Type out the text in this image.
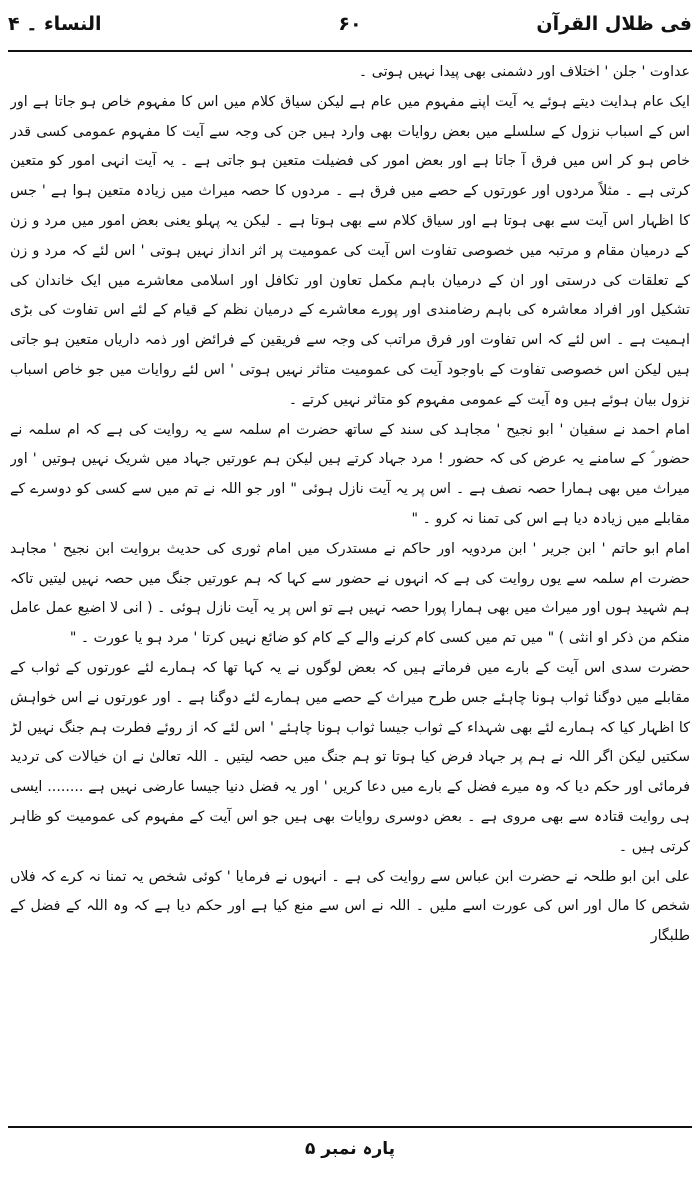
النساء ۔ ۴	۶۰	فی ظلال القرآن

عداوت ' جلن ' اختلاف اور دشمنی بھی پیدا نہیں ہوتی ۔

ایک عام ہدایت دیتے ہوئے یہ آیت اپنے مفہوم میں عام ہے لیکن سیاق کلام میں اس کا مفہوم خاص ہو جاتا ہے اور اس کے اسباب نزول کے سلسلے میں بعض روایات بھی وارد ہیں جن کی وجہ سے آیت کا مفہوم عمومی کسی قدر خاص ہو کر اس میں فرق آ جاتا ہے اور بعض امور کی فضیلت متعین ہو جاتی ہے ۔ یہ آیت انہی امور کو متعین کرتی ہے ۔ مثلاً مردوں اور عورتوں کے حصے میں فرق ہے ۔ مردوں کا حصہ میراث میں زیادہ متعین ہوا ہے ' جس کا اظہار اس آیت سے بھی ہوتا ہے اور سیاق کلام سے بھی ہوتا ہے ۔ لیکن یہ پہلو یعنی بعض امور میں مرد و زن کے درمیان مقام و مرتبہ میں خصوصی تفاوت اس آیت کی عمومیت پر اثر انداز نہیں ہوتی ' اس لئے کہ مرد و زن کے تعلقات کی درستی اور ان کے درمیان باہم مکمل تعاون اور تکافل اور اسلامی معاشرے میں ایک خاندان کی تشکیل اور افراد معاشرہ کی باہم رضامندی اور پورے معاشرے کے درمیان نظم کے قیام کے لئے اس تفاوت کی بڑی اہمیت ہے ۔ اس لئے کہ اس تفاوت اور فرق مراتب کی وجہ سے فریقین کے فرائض اور ذمہ داریاں متعین ہو جاتی ہیں لیکن اس خصوصی تفاوت کے باوجود آیت کی عمومیت متاثر نہیں ہوتی ' اس لئے روایات میں جو خاص اسباب نزول بیان ہوئے ہیں وہ آیت کے عمومی مفہوم کو متاثر نہیں کرتے ۔

امام احمد نے سفیان ' ابو نجیح ' مجاہد کی سند کے ساتھ حضرت ام سلمہ سے یہ روایت کی ہے کہ ام سلمہ نے حضور ؐ کے سامنے یہ عرض کی کہ حضور ! مرد جہاد کرتے ہیں لیکن ہم عورتیں جہاد میں شریک نہیں ہوتیں ' اور میراث میں بھی ہمارا حصہ نصف ہے ۔ اس پر یہ آیت نازل ہوئی " اور جو اللہ نے تم میں سے کسی کو دوسرے کے مقابلے میں زیادہ دیا ہے اس کی تمنا نہ کرو ۔ "

امام ابو حاتم ' ابن جریر ' ابن مردویہ اور حاکم نے مستدرک میں امام ثوری کی حدیث بروایت ابن نجیح ' مجاہد حضرت ام سلمہ سے یوں روایت کی ہے کہ انہوں نے حضور سے کہا کہ ہم عورتیں جنگ میں حصہ نہیں لیتیں تاکہ ہم شہید ہوں اور میراث میں بھی ہمارا پورا حصہ نہیں ہے تو اس پر یہ آیت نازل ہوئی ۔ ( انی لا اضیع عمل عامل منکم من ذکر او انثی ) " میں تم میں کسی کام کرنے والے کے کام کو ضائع نہیں کرتا ' مرد ہو یا عورت ۔ "

حضرت سدی اس آیت کے بارے میں فرماتے ہیں کہ بعض لوگوں نے یہ کہا تھا کہ ہمارے لئے عورتوں کے ثواب کے مقابلے میں دوگنا ثواب ہونا چاہئے جس طرح میراث کے حصے میں ہمارے لئے دوگنا ہے ۔ اور عورتوں نے اس خواہش کا اظہار کیا کہ ہمارے لئے بھی شہداء کے ثواب جیسا ثواب ہونا چاہئے ' اس لئے کہ از روئے فطرت ہم جنگ نہیں لڑ سکتیں لیکن اگر اللہ نے ہم پر جہاد فرض کیا ہوتا تو ہم جنگ میں حصہ لیتیں ۔ اللہ تعالیٰ نے ان خیالات کی تردید فرمائی اور حکم دیا کہ وہ میرے فضل کے بارے میں دعا کریں ' اور یہ فضل دنیا جیسا عارضی نہیں ہے ........ ایسی ہی روایت قتادہ سے بھی مروی ہے ۔ بعض دوسری روایات بھی ہیں جو اس آیت کے مفہوم کی عمومیت کو ظاہر کرتی ہیں ۔

علی ابن ابو طلحہ نے حضرت ابن عباس سے روایت کی ہے ۔ انہوں نے فرمایا ' کوئی شخص یہ تمنا نہ کرے کہ فلاں شخص کا مال اور اس کی عورت اسے ملیں ۔ اللہ نے اس سے منع کیا ہے اور حکم دیا ہے کہ وہ اللہ کے فضل کے طلبگار

پارہ نمبر ۵
